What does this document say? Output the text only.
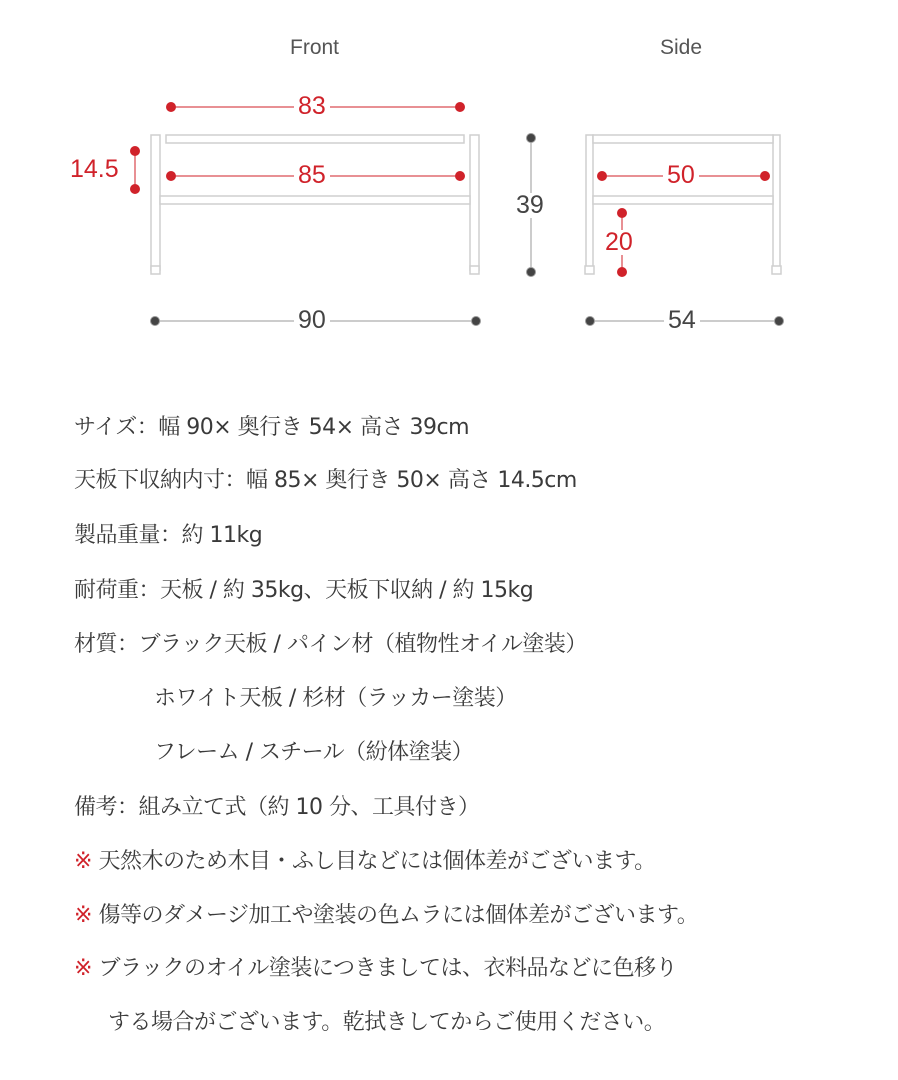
Front	Side
83
85
14.5
90
39
50
20
54
サイズ：幅 90× 奥行き 54× 高さ 39cm
天板下収納内寸：幅 85× 奥行き 50× 高さ 14.5cm
製品重量：約 11kg
耐荷重：天板 / 約 35kg、天板下収納 / 約 15kg
材質：ブラック天板 / パイン材（植物性オイル塗装）
ホワイト天板 / 杉材（ラッカー塗装）
フレーム / スチール（紛体塗装）
備考：組み立て式（約 10 分、工具付き）
※ 天然木のため木目・ふし目などには個体差がございます。
※ 傷等のダメージ加工や塗装の色ムラには個体差がございます。
※ ブラックのオイル塗装につきましては、衣料品などに色移り
する場合がございます。乾拭きしてからご使用ください。
